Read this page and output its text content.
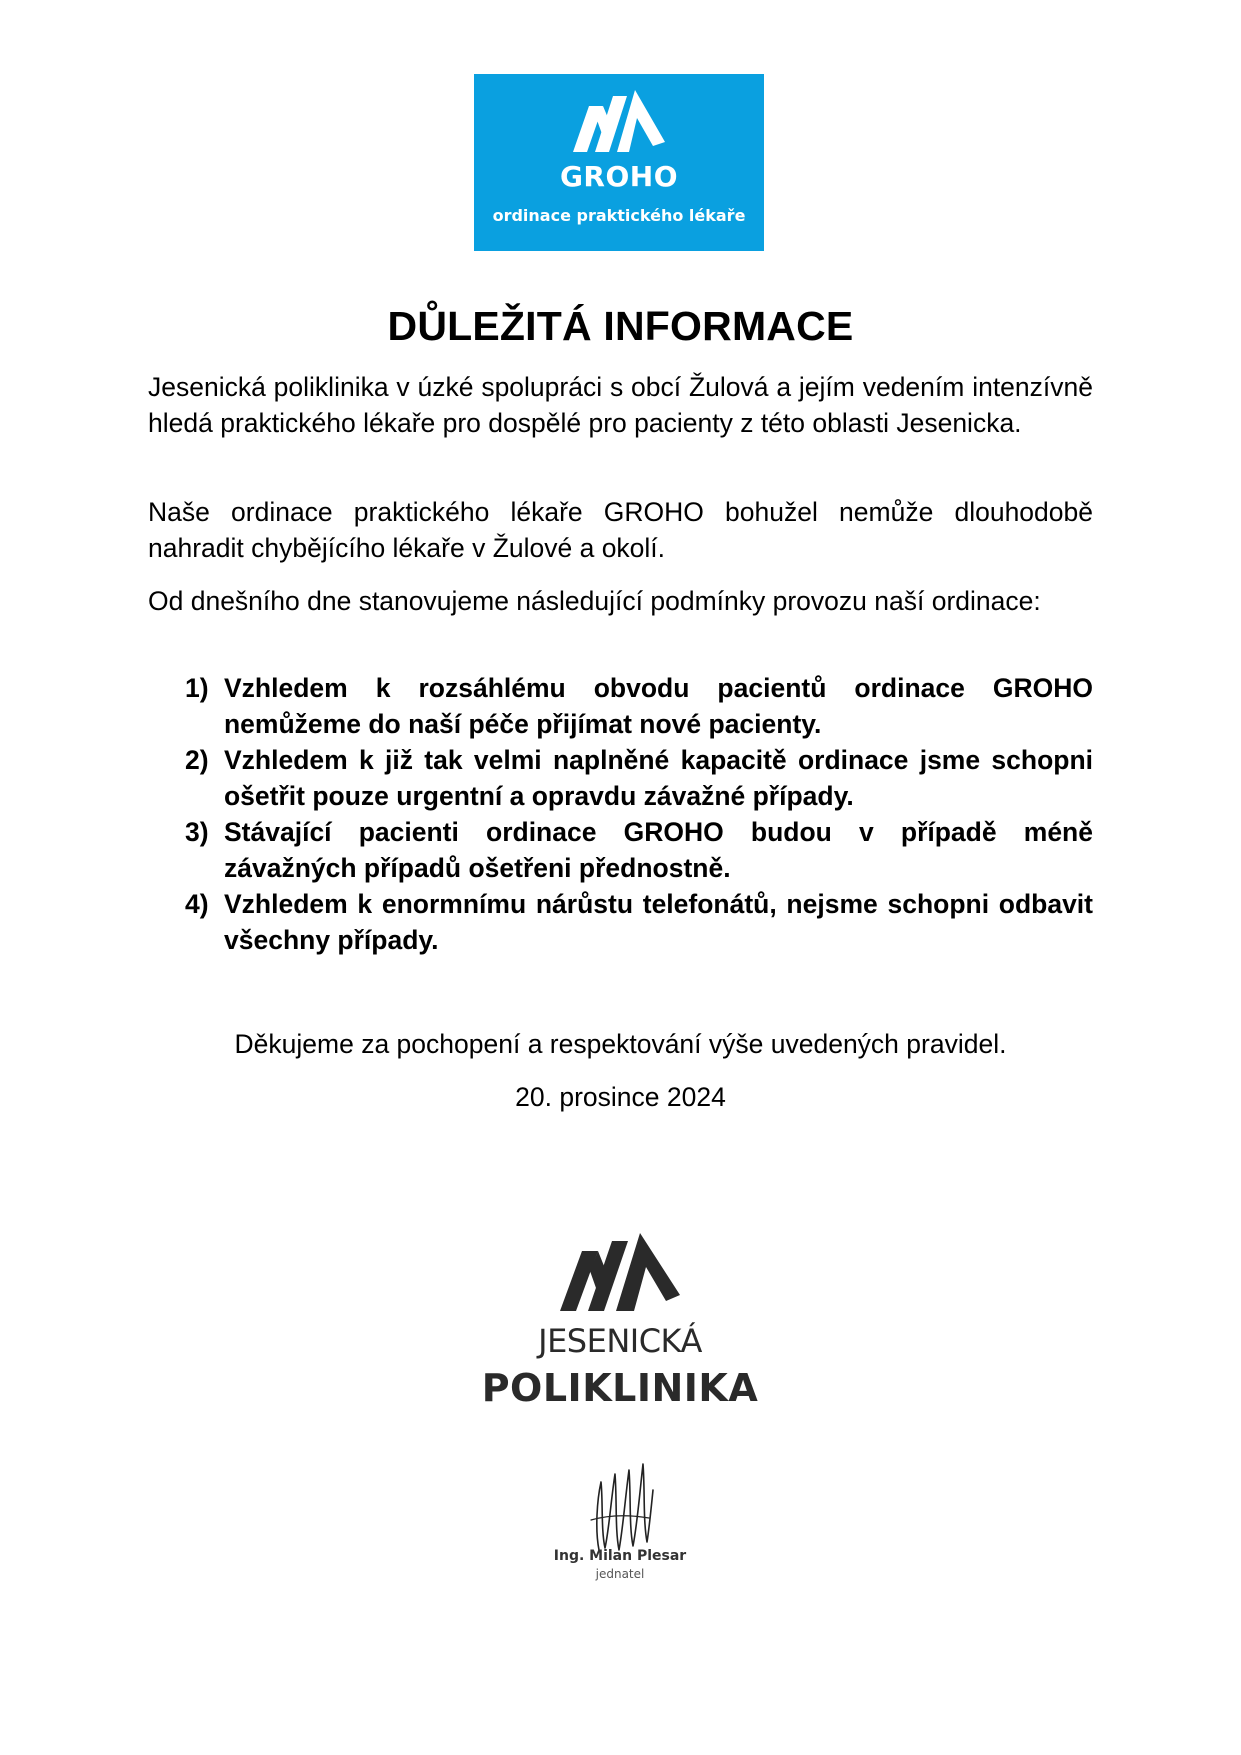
GROHO
ordinace praktického lékaře
DŮLEŽITÁ INFORMACE
Jesenická poliklinika v úzké spolupráci s obcí Žulová a jejím vedením intenzívně hledá praktického lékaře pro dospělé pro pacienty z této oblasti Jesenicka.
Naše ordinace praktického lékaře GROHO bohužel nemůže dlouhodobě nahradit chybějícího lékaře v Žulové a okolí.
Od dnešního dne stanovujeme následující podmínky provozu naší ordinace:
1) Vzhledem k rozsáhlému obvodu pacientů ordinace GROHO nemůžeme do naší péče přijímat nové pacienty.
2) Vzhledem k již tak velmi naplněné kapacitě ordinace jsme schopni ošetřit pouze urgentní a opravdu závažné případy.
3) Stávající pacienti ordinace GROHO budou v případě méně závažných případů ošetřeni přednostně.
4) Vzhledem k enormnímu nárůstu telefonátů, nejsme schopni odbavit všechny případy.
Děkujeme za pochopení a respektování výše uvedených pravidel.
20. prosince 2024
JESENICKÁ
POLIKLINIKA
Ing. Milan Plesar
jednatel
